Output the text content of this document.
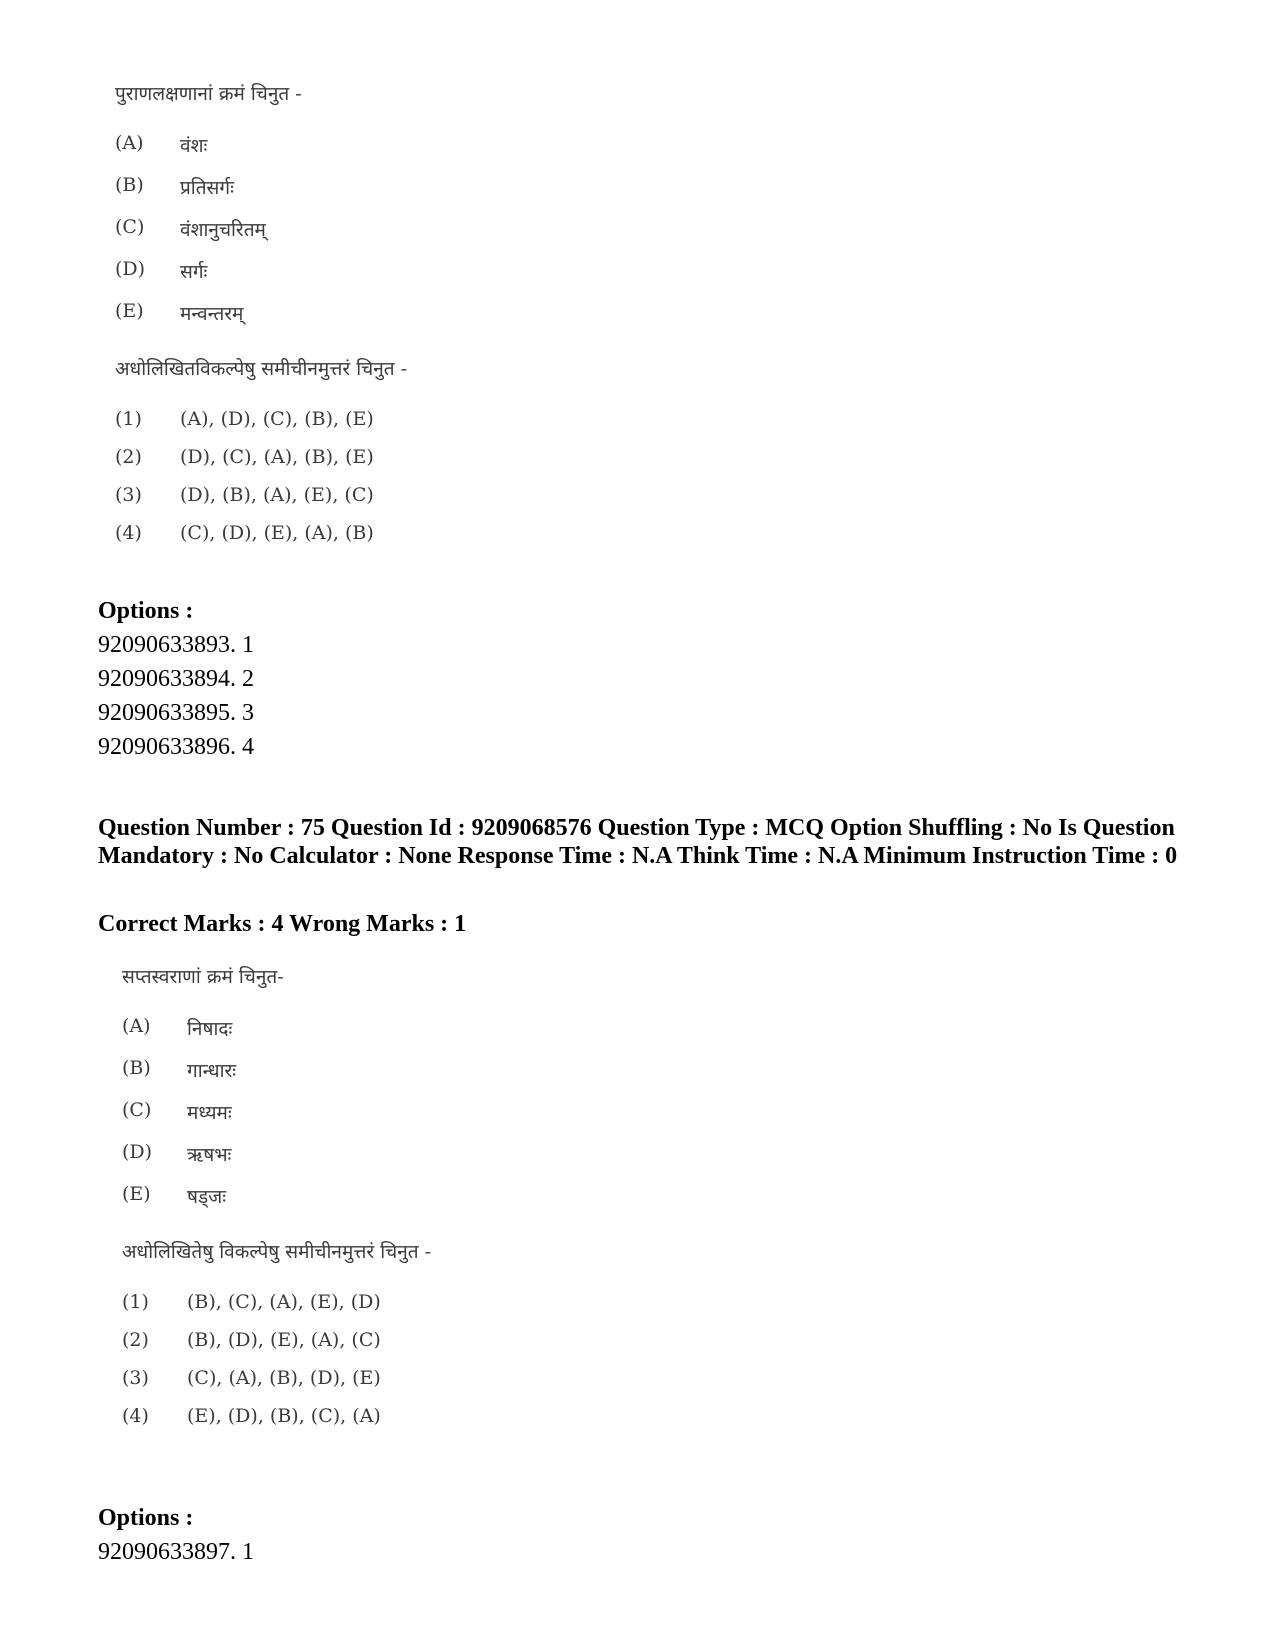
पुराणलक्षणानां क्रमं चिनुत -
(A) वंशः
(B) प्रतिसर्गः
(C) वंशानुचरितम्
(D) सर्गः
(E) मन्वन्तरम्
अधोलिखितविकल्पेषु समीचीनमुत्तरं चिनुत -
(1) (A), (D), (C), (B), (E)
(2) (D), (C), (A), (B), (E)
(3) (D), (B), (A), (E), (C)
(4) (C), (D), (E), (A), (B)
Options :
92090633893. 1
92090633894. 2
92090633895. 3
92090633896. 4
Question Number : 75 Question Id : 9209068576 Question Type : MCQ Option Shuffling : No Is Question Mandatory : No Calculator : None Response Time : N.A Think Time : N.A Minimum Instruction Time : 0
Correct Marks : 4 Wrong Marks : 1
सप्तस्वराणां क्रमं चिनुत-
(A) निषादः
(B) गान्धारः
(C) मध्यमः
(D) ऋषभः
(E) षड्जः
अधोलिखितेषु विकल्पेषु समीचीनमुत्तरं चिनुत -
(1) (B), (C), (A), (E), (D)
(2) (B), (D), (E), (A), (C)
(3) (C), (A), (B), (D), (E)
(4) (E), (D), (B), (C), (A)
Options :
92090633897. 1
